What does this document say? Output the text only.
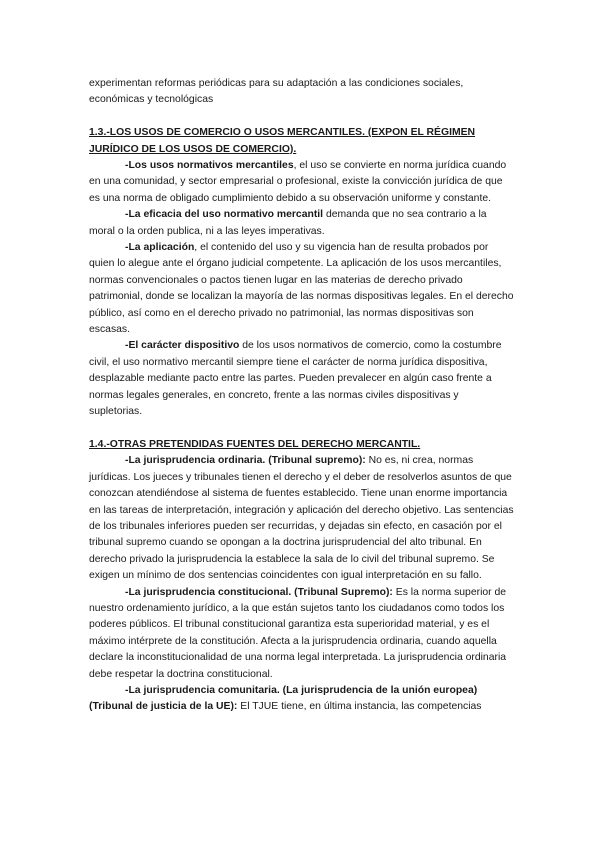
experimentan reformas periódicas para su adaptación a las condiciones sociales, económicas y tecnológicas

1.3.-LOS USOS DE COMERCIO O USOS MERCANTILES. (EXPON EL RÉGIMEN JURÍDICO DE LOS USOS DE COMERCIO).

-Los usos normativos mercantiles, el uso se convierte en norma jurídica cuando en una comunidad, y sector empresarial o profesional, existe la convicción jurídica de que es una norma de obligado cumplimiento debido a su observación uniforme y constante.

-La eficacia del uso normativo mercantil demanda que no sea contrario a la moral o la orden publica, ni a las leyes imperativas.

-La aplicación, el contenido del uso y su vigencia han de resulta probados por quien lo alegue ante el órgano judicial competente. La aplicación de los usos mercantiles, normas convencionales o pactos tienen lugar en las materias de derecho privado patrimonial, donde se localizan la mayoría de las normas dispositivas legales. En el derecho público, así como en el derecho privado no patrimonial, las normas dispositivas son escasas.

-El carácter dispositivo de los usos normativos de comercio, como la costumbre civil, el uso normativo mercantil siempre tiene el carácter de norma jurídica dispositiva, desplazable mediante pacto entre las partes. Pueden prevalecer en algún caso frente a normas legales generales, en concreto, frente a las normas civiles dispositivas y supletorias.

1.4.-OTRAS PRETENDIDAS FUENTES DEL DERECHO MERCANTIL.

-La jurisprudencia ordinaria. (Tribunal supremo): No es, ni crea, normas jurídicas. Los jueces y tribunales tienen el derecho y el deber de resolverlos asuntos de que conozcan atendiéndose al sistema de fuentes establecido. Tiene unan enorme importancia en las tareas de interpretación, integración y aplicación del derecho objetivo. Las sentencias de los tribunales inferiores pueden ser recurridas, y dejadas sin efecto, en casación por el tribunal supremo cuando se opongan a la doctrina jurisprudencial del alto tribunal. En derecho privado la jurisprudencia la establece la sala de lo civil del tribunal supremo. Se exigen un mínimo de dos sentencias coincidentes con igual interpretación en su fallo.

-La jurisprudencia constitucional. (Tribunal Supremo): Es la norma superior de nuestro ordenamiento jurídico, a la que están sujetos tanto los ciudadanos como todos los poderes públicos. El tribunal constitucional garantiza esta superioridad material, y es el máximo intérprete de la constitución. Afecta a la jurisprudencia ordinaria, cuando aquella declare la inconstitucionalidad de una norma legal interpretada. La jurisprudencia ordinaria debe respetar la doctrina constitucional.

-La jurisprudencia comunitaria. (La jurisprudencia de la unión europea) (Tribunal de justicia de la UE): El TJUE tiene, en última instancia, las competencias
